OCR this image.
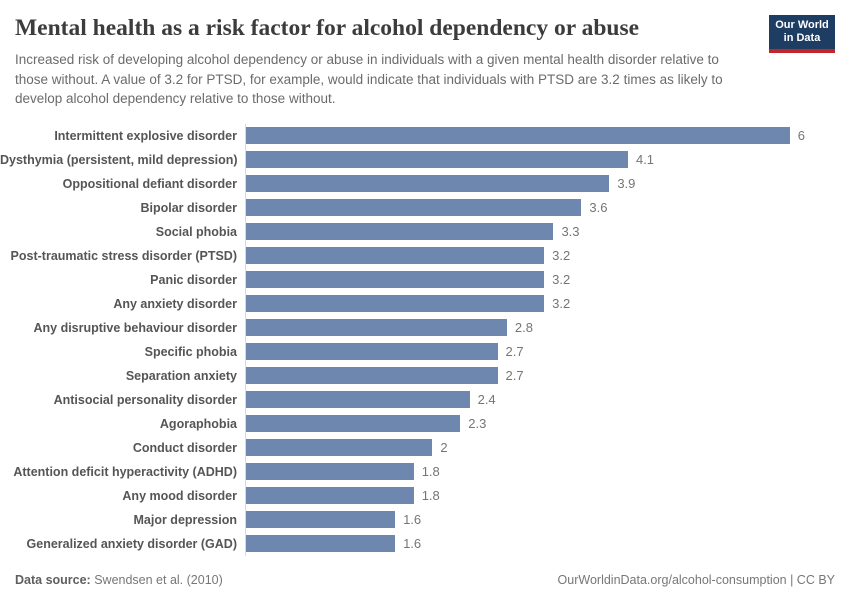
Mental health as a risk factor for alcohol dependency or abuse
Increased risk of developing alcohol dependency or abuse in individuals with a given mental health disorder relative to those without. A value of 3.2 for PTSD, for example, would indicate that individuals with PTSD are 3.2 times as likely to develop alcohol dependency relative to those without.
Our World
in Data
Intermittent explosive disorder	6
Dysthymia (persistent, mild depression)	4.1
Oppositional defiant disorder	3.9
Bipolar disorder	3.6
Social phobia	3.3
Post-traumatic stress disorder (PTSD)	3.2
Panic disorder	3.2
Any anxiety disorder	3.2
Any disruptive behaviour disorder	2.8
Specific phobia	2.7
Separation anxiety	2.7
Antisocial personality disorder	2.4
Agoraphobia	2.3
Conduct disorder	2
Attention deficit hyperactivity (ADHD)	1.8
Any mood disorder	1.8
Major depression	1.6
Generalized anxiety disorder (GAD)	1.6
Data source: Swendsen et al. (2010)	OurWorldinData.org/alcohol-consumption | CC BY
